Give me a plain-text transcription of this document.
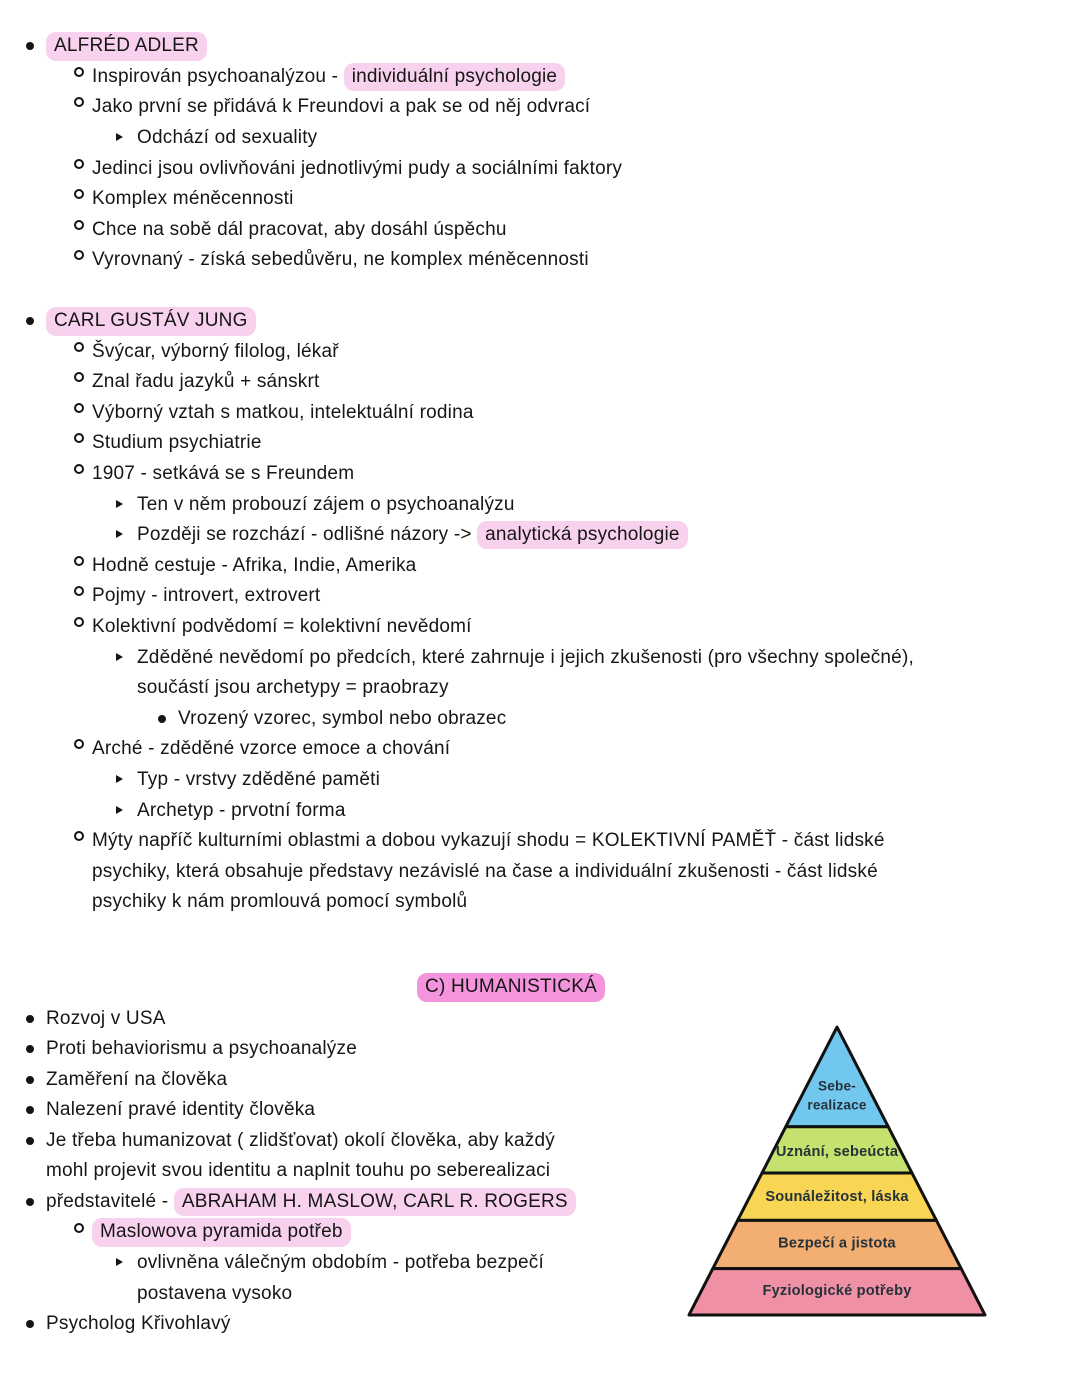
ALFRÉD ADLER
Inspirován psychoanalýzou - individuální psychologie
Jako první se přidává k Freundovi a pak se od něj odvrací
Odchází od sexuality
Jedinci jsou ovlivňováni jednotlivými pudy a sociálními faktory
Komplex méněcennosti
Chce na sobě dál pracovat, aby dosáhl úspěchu
Vyrovnaný - získá sebedůvěru, ne komplex méněcennosti
CARL GUSTÁV JUNG
Švýcar, výborný filolog, lékař
Znal řadu jazyků + sánskrt
Výborný vztah s matkou, intelektuální rodina
Studium psychiatrie
1907 - setkává se s Freundem
Ten v něm probouzí zájem o psychoanalýzu
Později se rozchází - odlišné názory -> analytická psychologie
Hodně cestuje - Afrika, Indie, Amerika
Pojmy - introvert, extrovert
Kolektivní podvědomí = kolektivní nevědomí
Zděděné nevědomí po předcích, které zahrnuje i jejich zkušenosti (pro všechny společné),
součástí jsou archetypy = praobrazy
Vrozený vzorec, symbol nebo obrazec
Arché - zděděné vzorce emoce a chování
Typ - vrstvy zděděné paměti
Archetyp - prvotní forma
Mýty napříč kulturními oblastmi a dobou vykazují shodu = KOLEKTIVNÍ PAMĚŤ - část lidské
psychiky, která obsahuje představy nezávislé na čase a individuální zkušenosti - část lidské
psychiky k nám promlouvá pomocí symbolů
C) HUMANISTICKÁ
Rozvoj v USA
Proti behaviorismu a psychoanalýze
Zaměření na člověka
Nalezení pravé identity člověka
Je třeba humanizovat ( zlidšťovat) okolí člověka, aby každý
mohl projevit svou identitu a naplnit touhu po seberealizaci
představitelé - ABRAHAM H. MASLOW, CARL R. ROGERS
Maslowova pyramida potřeb
ovlivněna válečným obdobím - potřeba bezpečí
postavena vysoko
Psycholog Křivohlavý
Sebe-
realizace
Uznání, sebeúcta
Sounáležitost, láska
Bezpečí a jistota
Fyziologické potřeby
